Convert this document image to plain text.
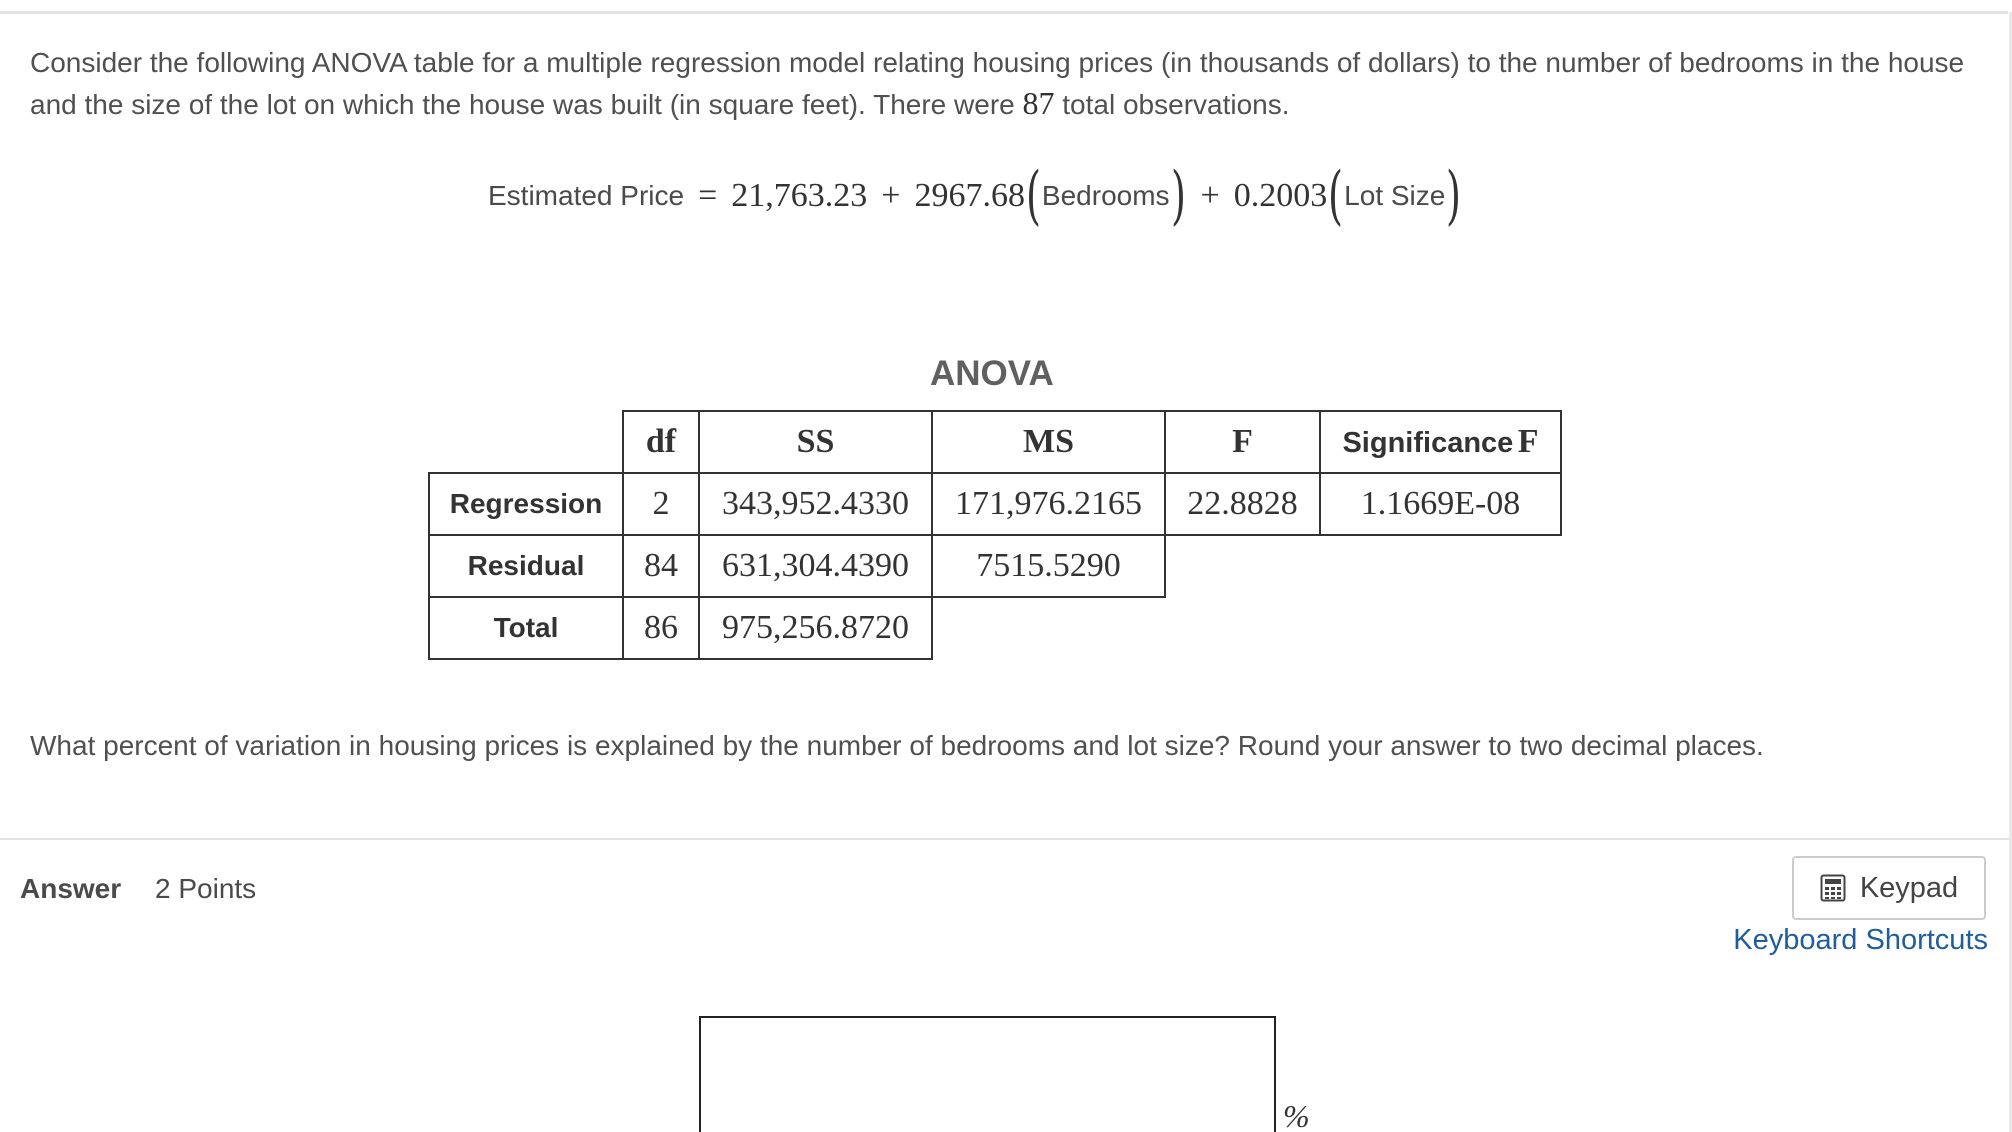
Consider the following ANOVA table for a multiple regression model relating housing prices (in thousands of dollars) to the number of bedrooms in the house and the size of the lot on which the house was built (in square feet). There were 87 total observations.
Estimated Price = 21,763.23 + 2967.68 ( Bedrooms ) + 0.2003 ( Lot Size )
ANOVA
	df	SS	MS	F	Significance F
Regression	2	343,952.4330	171,976.2165	22.8828	1.1669E-08
Residual	84	631,304.4390	7515.5290		
Total	86	975,256.8720			
What percent of variation in housing prices is explained by the number of bedrooms and lot size? Round your answer to two decimal places.
Answer 2 Points	Keypad
Keyboard Shortcuts
%
